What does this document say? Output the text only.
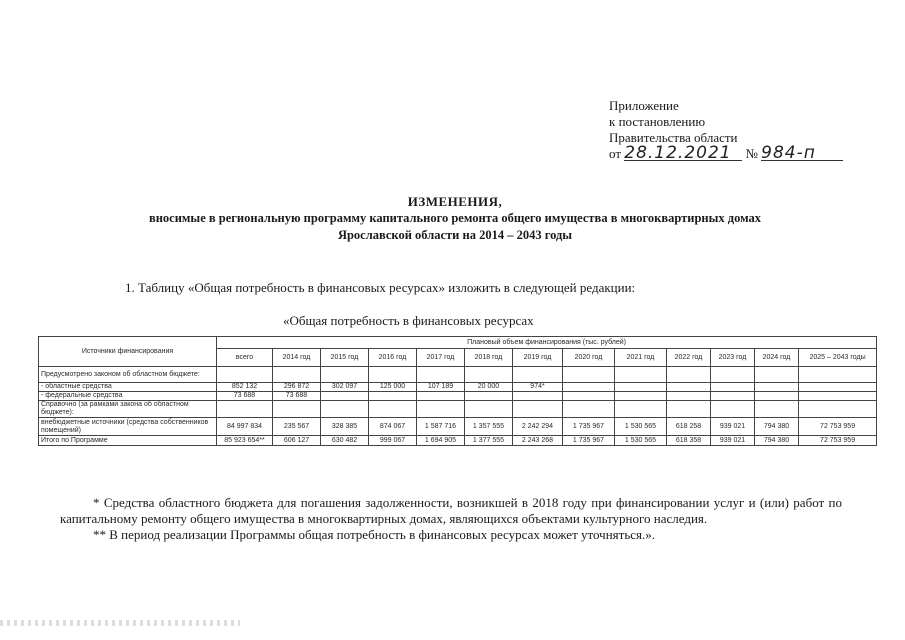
Приложение
к постановлению
Правительства области
от 28.12.2021 № 984-п
ИЗМЕНЕНИЯ,
вносимые в региональную программу капитального ремонта общего имущества в многоквартирных домах
Ярославской области на 2014 – 2043 годы
1. Таблицу «Общая потребность в финансовых ресурсах» изложить в следующей редакции:
«Общая потребность в финансовых ресурсах
Источники финансирования	Плановый объем финансирования (тыс. рублей)												
	всего	2014 год	2015 год	2016 год	2017 год	2018 год	2019 год	2020 год	2021 год	2022 год	2023 год	2024 год	2025 – 2043 годы
Предусмотрено законом об областном бюджете:													
- областные средства	852 132	296 872	302 097	125 000	107 189	20 000	974*						
- федеральные средства	73 688	73 688											
Справочно (за рамками закона об областном бюджете):													
внебюджетные источники (средства собственников помещений)	84 997 834	235 567	328 385	874 067	1 587 716	1 357 555	2 242 294	1 735 967	1 530 565	618 258	939 021	794 380	72 753 959
Итого по Программе	85 923 654**	606 127	630 482	999 067	1 694 905	1 377 555	2 243 268	1 735 967	1 530 565	618 358	939 021	794 380	72 753 959

* Средства областного бюджета для погашения задолженности, возникшей в 2018 году при финансировании услуг и (или) работ по капитальному ремонту общего имущества в многоквартирных домах, являющихся объектами культурного наследия.

** В период реализации Программы общая потребность в финансовых ресурсах может уточняться.».
